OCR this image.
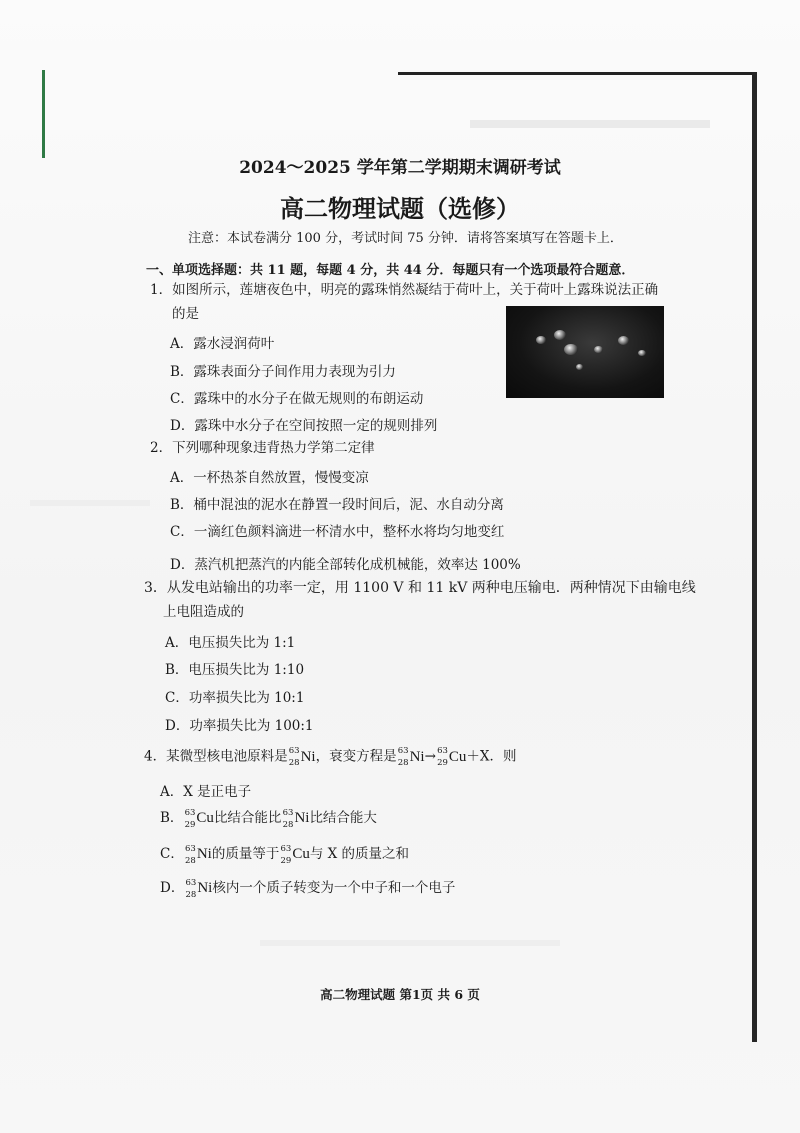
2024～2025 学年第二学期期末调研考试
高二物理试题（选修）
注意：本试卷满分 100 分，考试时间 75 分钟．请将答案填写在答题卡上．
一、单项选择题：共 11 题，每题 4 分，共 44 分．每题只有一个选项最符合题意．
1．如图所示，莲塘夜色中，明亮的露珠悄然凝结于荷叶上，关于荷叶上露珠说法正确
的是
A．露水浸润荷叶
B．露珠表面分子间作用力表现为引力
C．露珠中的水分子在做无规则的布朗运动
D．露珠中水分子在空间按照一定的规则排列
2．下列哪种现象违背热力学第二定律
A．一杯热茶自然放置，慢慢变凉
B．桶中混浊的泥水在静置一段时间后，泥、水自动分离
C．一滴红色颜料滴进一杯清水中，整杯水将均匀地变红
D．蒸汽机把蒸汽的内能全部转化成机械能，效率达 100%
3．从发电站输出的功率一定，用 1100 V 和 11 kV 两种电压输电．两种情况下由输电线
上电阻造成的
A．电压损失比为 1:1
B．电压损失比为 1:10
C．功率损失比为 10:1
D．功率损失比为 100:1
4．某微型核电池原料是 63
28 Ni，衰变方程是 63
28 Ni→ 63
29 Cu＋X．则
A．X 是正电子
B． 63
29 Cu比结合能比 63
28 Ni比结合能大
C． 63
28 Ni的质量等于 63
29 Cu与 X 的质量之和
D． 63
28 Ni核内一个质子转变为一个中子和一个电子
高二物理试题 第1页 共 6 页
